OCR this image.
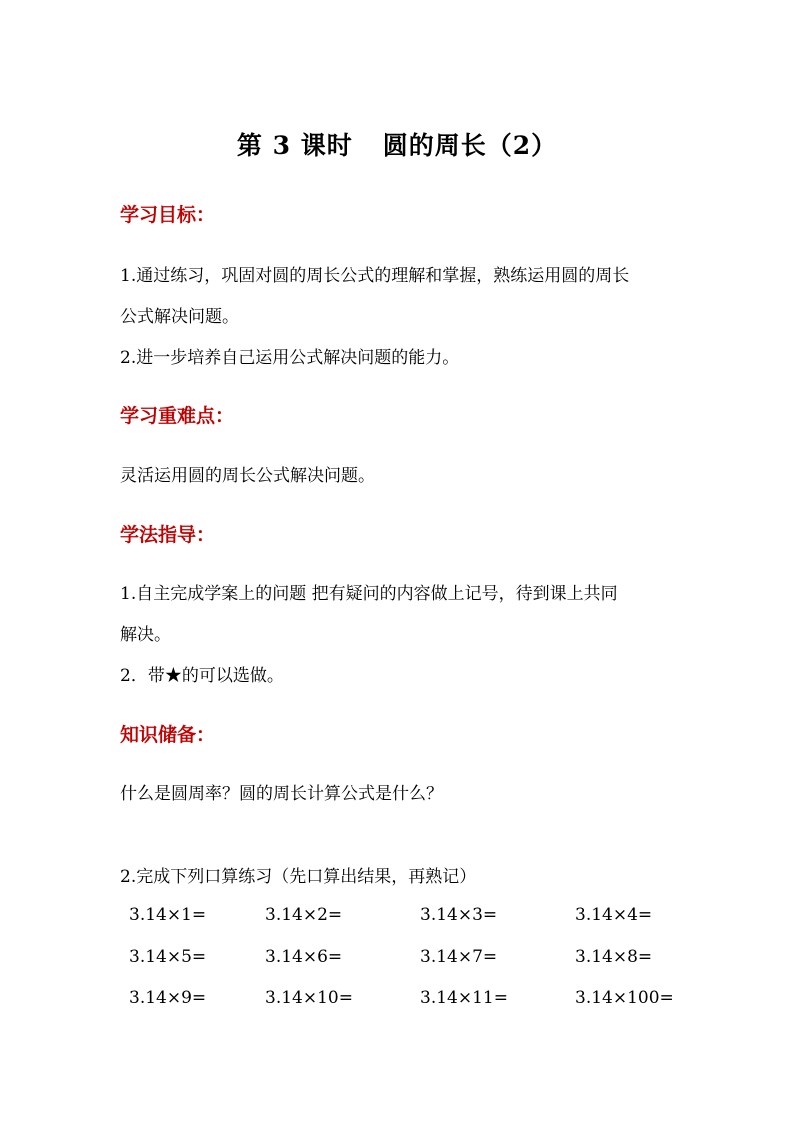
第 3 课时 圆的周长（2）
学习目标：
1.通过练习，巩固对圆的周长公式的理解和掌握，熟练运用圆的周长
公式解决问题。
2.进一步培养自己运用公式解决问题的能力。
学习重难点：
灵活运用圆的周长公式解决问题。
学法指导：
1.自主完成学案上的问题 把有疑问的内容做上记号，待到课上共同
解决。
2．带★的可以选做。
知识储备：
什么是圆周率？圆的周长计算公式是什么？
2.完成下列口算练习（先口算出结果，再熟记）
3.14×1=	3.14×2=	3.14×3=	3.14×4=
3.14×5=	3.14×6=	3.14×7=	3.14×8=
3.14×9=	3.14×10=	3.14×11=	3.14×100=
